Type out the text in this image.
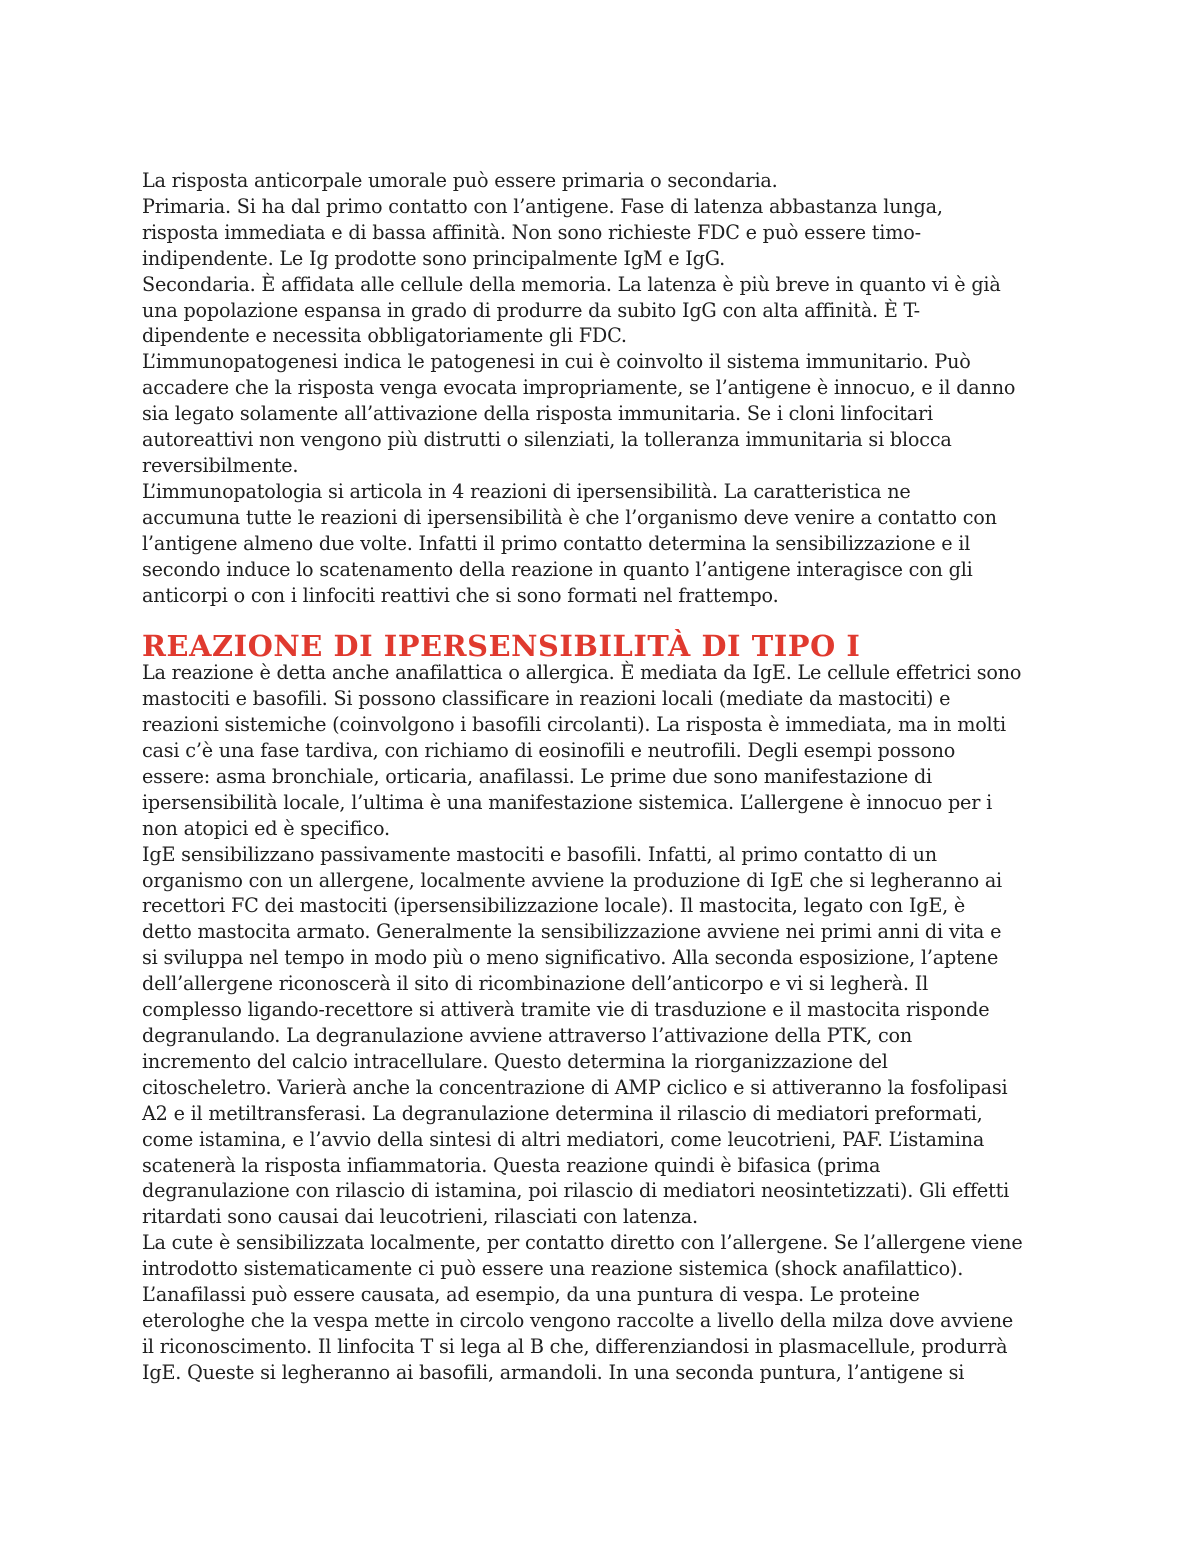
La risposta anticorpale umorale può essere primaria o secondaria.
Primaria. Si ha dal primo contatto con l’antigene. Fase di latenza abbastanza lunga,
risposta immediata e di bassa affinità. Non sono richieste FDC e può essere timo-
indipendente. Le Ig prodotte sono principalmente IgM e IgG.
Secondaria. È affidata alle cellule della memoria. La latenza è più breve in quanto vi è già
una popolazione espansa in grado di produrre da subito IgG con alta affinità. È T-
dipendente e necessita obbligatoriamente gli FDC.
L’immunopatogenesi indica le patogenesi in cui è coinvolto il sistema immunitario. Può
accadere che la risposta venga evocata impropriamente, se l’antigene è innocuo, e il danno
sia legato solamente all’attivazione della risposta immunitaria. Se i cloni linfocitari
autoreattivi non vengono più distrutti o silenziati, la tolleranza immunitaria si blocca
reversibilmente.
L’immunopatologia si articola in 4 reazioni di ipersensibilità. La caratteristica ne
accumuna tutte le reazioni di ipersensibilità è che l’organismo deve venire a contatto con
l’antigene almeno due volte. Infatti il primo contatto determina la sensibilizzazione e il
secondo induce lo scatenamento della reazione in quanto l’antigene interagisce con gli
anticorpi o con i linfociti reattivi che si sono formati nel frattempo.
REAZIONE DI IPERSENSIBILITÀ DI TIPO I
La reazione è detta anche anafilattica o allergica. È mediata da IgE. Le cellule effetrici sono
mastociti e basofili. Si possono classificare in reazioni locali (mediate da mastociti) e
reazioni sistemiche (coinvolgono i basofili circolanti). La risposta è immediata, ma in molti
casi c’è una fase tardiva, con richiamo di eosinofili e neutrofili. Degli esempi possono
essere: asma bronchiale, orticaria, anafilassi. Le prime due sono manifestazione di
ipersensibilità locale, l’ultima è una manifestazione sistemica. L’allergene è innocuo per i
non atopici ed è specifico.
IgE sensibilizzano passivamente mastociti e basofili. Infatti, al primo contatto di un
organismo con un allergene, localmente avviene la produzione di IgE che si legheranno ai
recettori FC dei mastociti (ipersensibilizzazione locale). Il mastocita, legato con IgE, è
detto mastocita armato. Generalmente la sensibilizzazione avviene nei primi anni di vita e
si sviluppa nel tempo in modo più o meno significativo. Alla seconda esposizione, l’aptene
dell’allergene riconoscerà il sito di ricombinazione dell’anticorpo e vi si legherà. Il
complesso ligando-recettore si attiverà tramite vie di trasduzione e il mastocita risponde
degranulando. La degranulazione avviene attraverso l’attivazione della PTK, con
incremento del calcio intracellulare. Questo determina la riorganizzazione del
citoscheletro. Varierà anche la concentrazione di AMP ciclico e si attiveranno la fosfolipasi
A2 e il metiltransferasi. La degranulazione determina il rilascio di mediatori preformati,
come istamina, e l’avvio della sintesi di altri mediatori, come leucotrieni, PAF. L’istamina
scatenerà la risposta infiammatoria. Questa reazione quindi è bifasica (prima
degranulazione con rilascio di istamina, poi rilascio di mediatori neosintetizzati). Gli effetti
ritardati sono causai dai leucotrieni, rilasciati con latenza.
La cute è sensibilizzata localmente, per contatto diretto con l’allergene. Se l’allergene viene
introdotto sistematicamente ci può essere una reazione sistemica (shock anafilattico).
L’anafilassi può essere causata, ad esempio, da una puntura di vespa. Le proteine
eterologhe che la vespa mette in circolo vengono raccolte a livello della milza dove avviene
il riconoscimento. Il linfocita T si lega al B che, differenziandosi in plasmacellule, produrrà
IgE. Queste si legheranno ai basofili, armandoli. In una seconda puntura, l’antigene si
